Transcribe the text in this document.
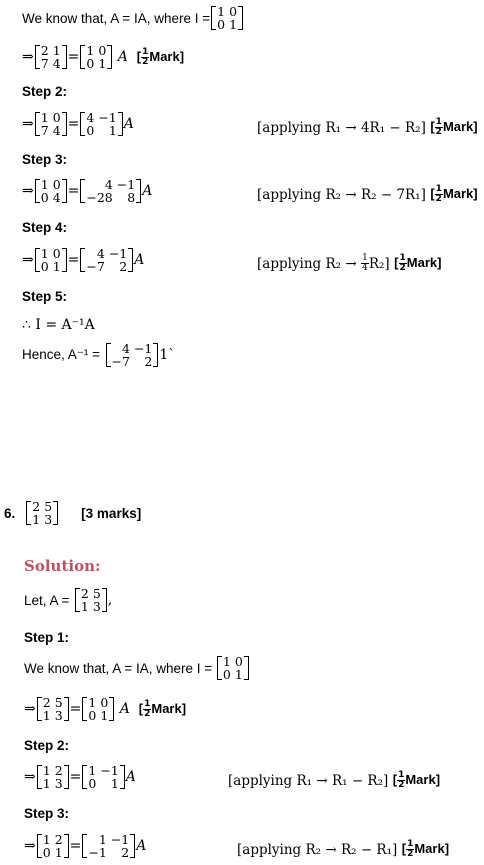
We know that, A = IA, where I = 1	0
0	1
⇒ 2	1
7	4 = 1	0
0	1 A [ $\frac{1}{2}$ Mark]
Step 2:
⇒ 1	0
7	4 = 4	−1
0	1 A	[applying R₁ → 4R₁ − R₂]
[ $\frac{1}{2}$ Mark]
Step 3:
⇒ 1	0
0	4 = 4	−1
−28	8 A	[applying R₂ → R₂ − 7R₁]
[ $\frac{1}{2}$ Mark]
Step 4:
⇒ 1	0
0	1 = 4	−1
−7	2 A	[applying R₂ →
$\frac{1}{4} R_2$]
[ $\frac{1}{2}$ Mark]
Step 5:
∴ I = A⁻¹A
Hence, A⁻¹ =
4	−1
−7	2 1`
6. 2	5
1	3 [3 marks]
Solution:
Let, A =
2	5
1	3 ,
Step 1:
We know that, A = IA, where I =
1	0
0	1
⇒ 2	5
1	3 = 1	0
0	1 A [ $\frac{1}{2}$ Mark]
Step 2:
⇒ 1	2
1	3 = 1	−1
0	1 A	[applying R₁ → R₁ − R₂]
[ $\frac{1}{2}$ Mark]
Step 3:
⇒ 1	2
0	1 = 1	−1
−1	2 A	[applying R₂ → R₂ − R₁]
[ $\frac{1}{2}$ Mark]
